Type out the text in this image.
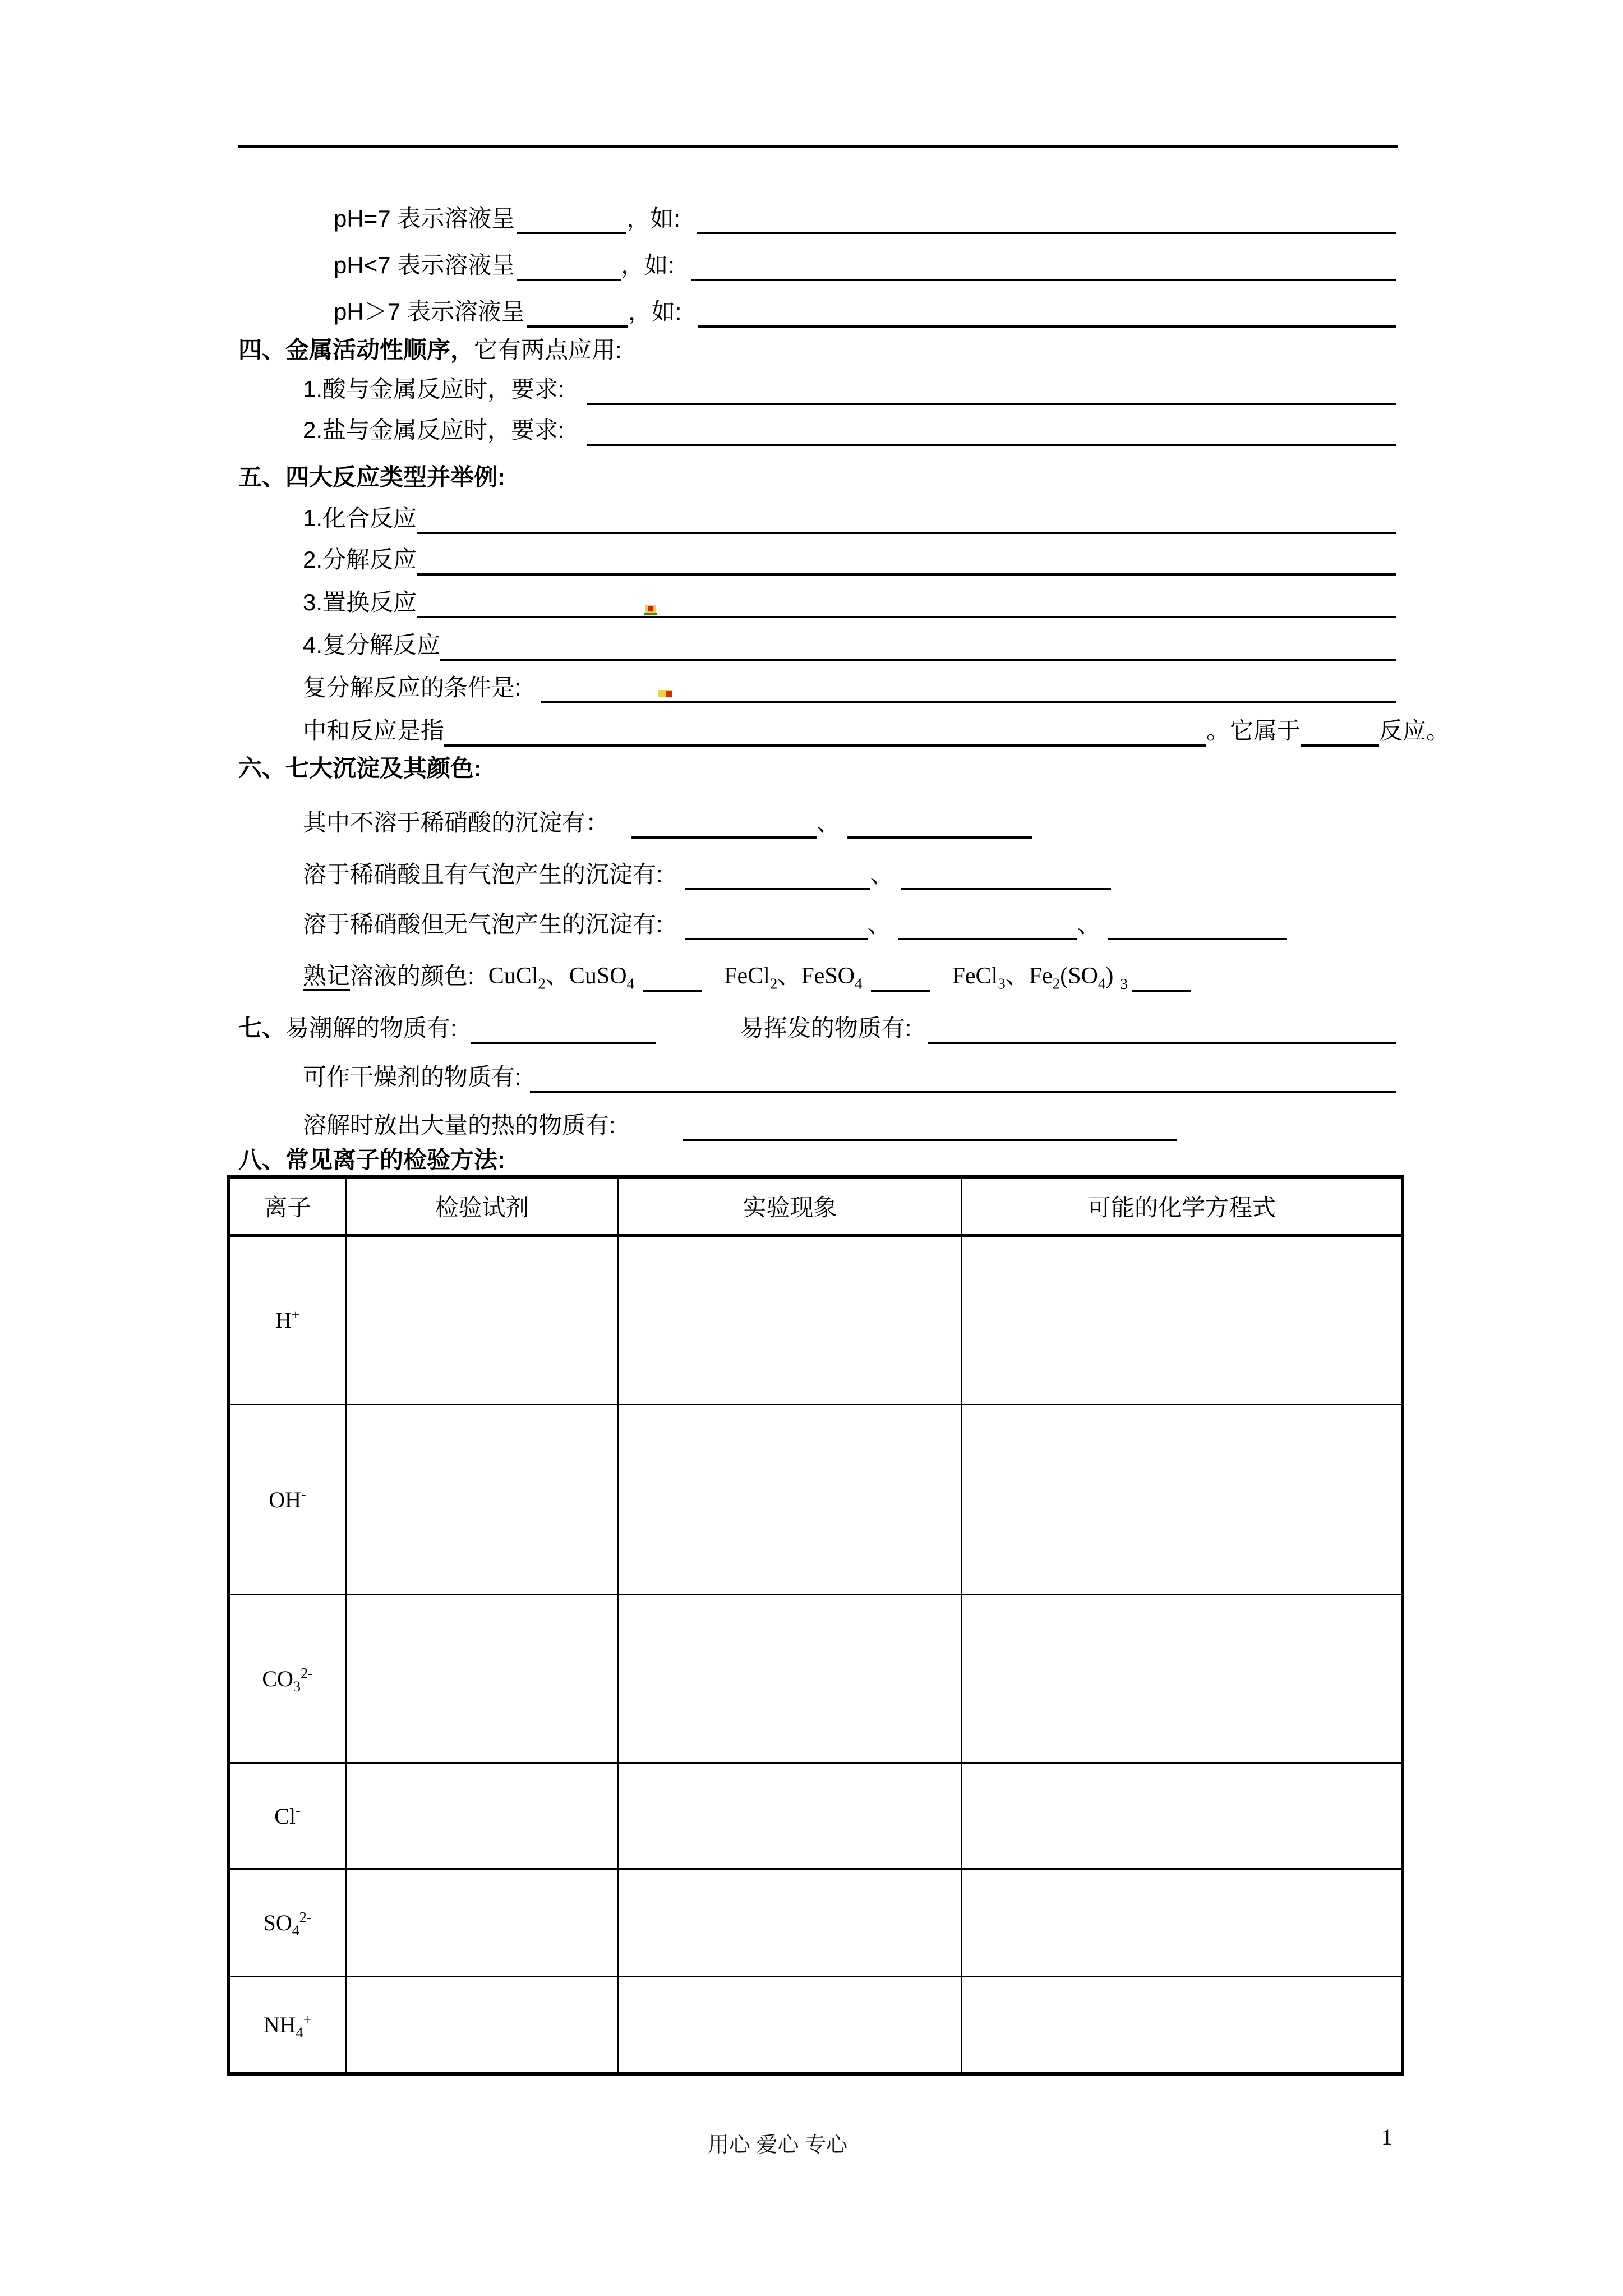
pH=7 表示溶液呈	，如:
pH<7 表示溶液呈	，如:
pH＞7 表示溶液呈	，如:
四、金属活动性顺序， 它有两点应用:
1.酸与金属反应时，要求:
2.盐与金属反应时，要求:
五、四大反应类型并举例:
1.化合反应
2.分解反应
3.置换反应
4.复分解反应
复分解反应的条件是:
中和反应是指	。它属于	反应。
六、七大沉淀及其颜色:
其中不溶于稀硝酸的沉淀有：	、
溶于稀硝酸且有气泡产生的沉淀有:	、
溶于稀硝酸但无气泡产生的沉淀有:	、	、
熟记 溶液的颜色: CuCl$_2$、CuSO$_4$	FeCl$_2$、FeSO$_4$	FeCl$_3$、$Fe_2(SO_4)$ $_3$
七、 易潮解的物质有:	易挥发的物质有:
可作干燥剂的物质有:
溶解时放出大量的热的物质有:
八、常见离子的检验方法:
离子	检验试剂	实验现象	可能的化学方程式
H+
OH-
$CO_3^{2-}$
Cl-
$SO_4^{2-}$
$NH_4^+$
用心 爱心 专心	1
